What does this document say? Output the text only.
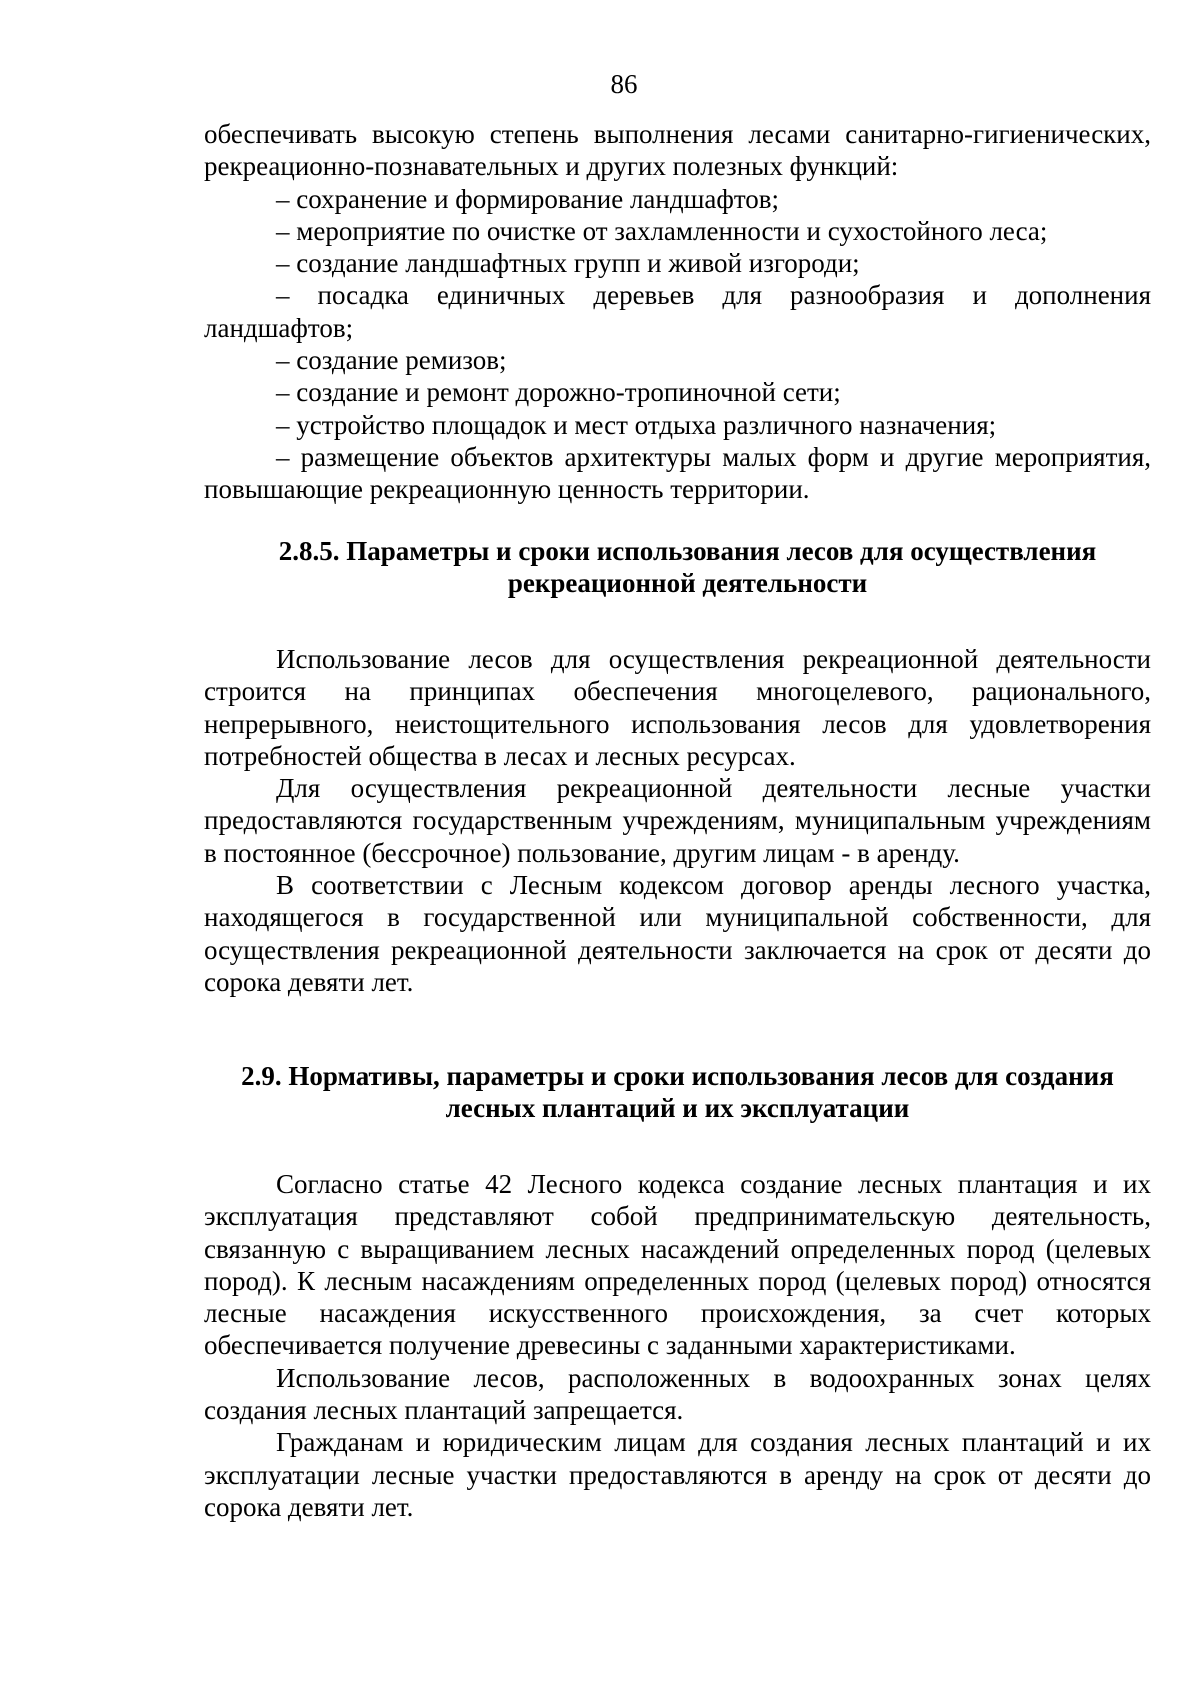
86

обеспечивать высокую степень выполнения лесами санитарно-гигиенических, рекреационно-познавательных и других полезных функций:

– сохранение и формирование ландшафтов;

– мероприятие по очистке от захламленности и сухостойного леса;

– создание ландшафтных групп и живой изгороди;

– посадка единичных деревьев для разнообразия и дополнения ландшафтов;

– создание ремизов;

– создание и ремонт дорожно-тропиночной сети;

– устройство площадок и мест отдыха различного назначения;

– размещение объектов архитектуры малых форм и другие мероприятия, повышающие рекреационную ценность территории.

2.8.5. Параметры и сроки использования лесов для осуществления
рекреационной деятельности

Использование лесов для осуществления рекреационной деятельности строится на принципах обеспечения многоцелевого, рационального, непрерывного, неистощительного использования лесов для удовлетворения потребностей общества в лесах и лесных ресурсах.

Для осуществления рекреационной деятельности лесные участки предоставляются государственным учреждениям, муниципальным учреждениям в постоянное (бессрочное) пользование, другим лицам - в аренду.

В соответствии с Лесным кодексом договор аренды лесного участка, находящегося в государственной или муниципальной собственности, для осуществления рекреационной деятельности заключается на срок от десяти до сорока девяти лет.

2.9. Нормативы, параметры и сроки использования лесов для создания
лесных плантаций и их эксплуатации

Согласно статье 42 Лесного кодекса создание лесных плантация и их эксплуатация представляют собой предпринимательскую деятельность, связанную с выращиванием лесных насаждений определенных пород (целевых пород). К лесным насаждениям определенных пород (целевых пород) относятся лесные насаждения искусственного происхождения, за счет которых обеспечивается получение древесины с заданными характеристиками.

Использование лесов, расположенных в водоохранных зонах целях создания лесных плантаций запрещается.

Гражданам и юридическим лицам для создания лесных плантаций и их эксплуатации лесные участки предоставляются в аренду на срок от десяти до сорока девяти лет.
